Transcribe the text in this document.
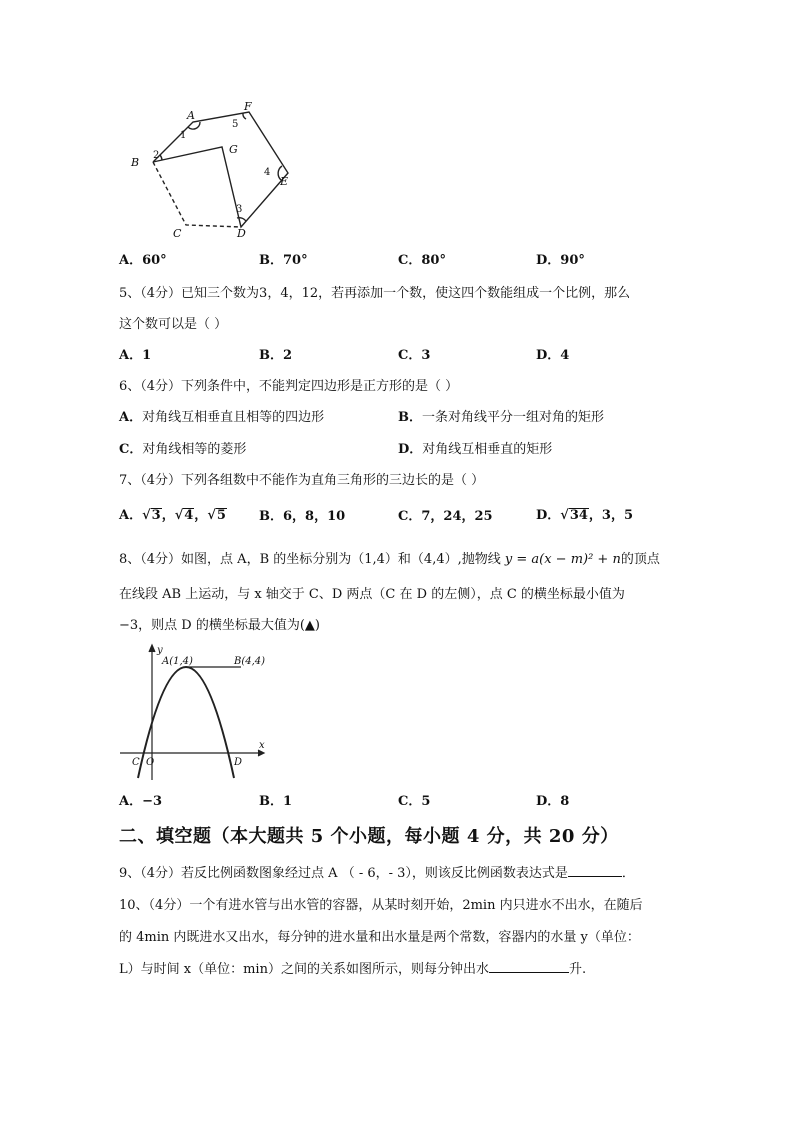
A
F
B
G
E
C	D
1
2
3
4
5
A．60°	B．70°	C．80°	D．90°
5、（4分）已知三个数为3，4，12，若再添加一个数，使这四个数能组成一个比例，那么
这个数可以是（ ）
A．1	B．2	C．3	D．4
6、（4分）下列条件中，不能判定四边形是正方形的是（ ）
A．对角线互相垂直且相等的四边形	B．一条对角线平分一组对角的矩形
C．对角线相等的菱形	D．对角线互相垂直的矩形
7、（4分）下列各组数中不能作为直角三角形的三边长的是（ ）
A．√3，√4，√5	B．6，8，10	C．7，24，25	D．√34，3，5
8、（4分）如图，点 A，B 的坐标分别为（1,4）和（4,4）,抛物线 y = a(x − m)² + n的顶点
在线段 AB 上运动，与 x 轴交于 C、D 两点（C 在 D 的左侧），点 C 的横坐标最小值为
−3，则点 D 的横坐标最大值为(▲)
y
x
A(1,4)	B(4,4)
C O	D
A．−3	B．1	C．5	D．8
二、填空题（本大题共 5 个小题，每小题 4 分，共 20 分）
9、（4分）若反比例函数图象经过点 A （ - 6，- 3），则该反比例函数表达式是	．
10、（4分）一个有进水管与出水管的容器，从某时刻开始，2min 内只进水不出水，在随后
的 4min 内既进水又出水，每分钟的进水量和出水量是两个常数，容器内的水量 y（单位：
L）与时间 x（单位：min）之间的关系如图所示，则每分钟出水	升.
